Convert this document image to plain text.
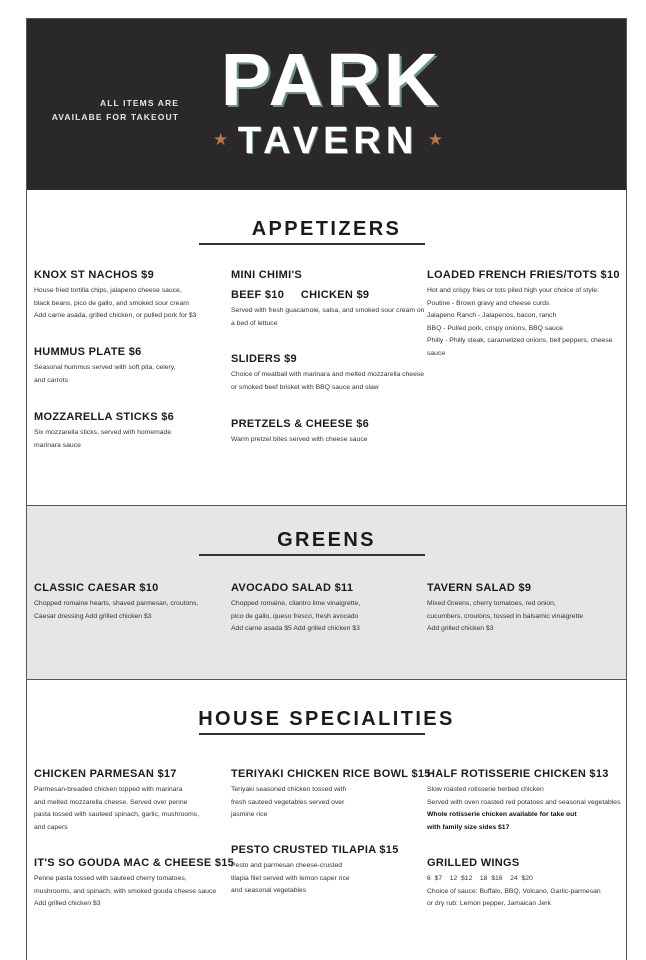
ALL ITEMS ARE
AVAILABE FOR TAKEOUT PARK
★ TAVERN ★
APPETIZERS
KNOX ST NACHOS $9
House fried tortilla chips, jalapeno cheese sauce,
black beans, pico de gallo, and smoked sour cream
Add carne asada, grilled chicken, or pulled pork for $3
HUMMUS PLATE $6
Seasonal hummus served with soft pita, celery,
and carrots
MOZZARELLA STICKS $6
Six mozzarella sticks, served with homemade
marinara sauce
MINI CHIMI'S
BEEF $10     CHICKEN $9
Served with fresh guacamole, salsa, and smoked sour cream on
a bed of lettuce
SLIDERS $9
Choice of meatball with marinara and melted mozzarella cheese
or smoked beef brisket with BBQ sauce and slaw
PRETZELS & CHEESE $6
Warm pretzel bites served with cheese sauce
LOADED FRENCH FRIES/TOTS $10
Hot and crispy fries or tots piled high your choice of style:
Poutine - Brown gravy and cheese curds
Jalapeno Ranch - Jalapenos, bacon, ranch
BBQ - Pulled pork, crispy onions, BBQ sauce
Philly - Philly steak, caramelized onions, bell peppers, cheese
sauce
GREENS
CLASSIC CAESAR $10
Chopped romaine hearts, shaved parmesan, croutons,
Caesar dressing Add grilled chicken $3
AVOCADO SALAD $11
Chopped romaine, cilantro lime vinaigrette,
pico de gallo, queso fresco, fresh avocado
Add carne asada $5 Add grilled chicken $3
TAVERN SALAD $9
Mixed Greens, cherry tomatoes, red onion,
cucumbers, croutons, tossed in balsamic vinaigrette
Add grilled chicken $3
HOUSE SPECIALITIES
CHICKEN PARMESAN $17
Parmesan-breaded chicken topped with marinara
and melted mozzarella cheese. Served over penne
pasta tossed with sauteed spinach, garlic, mushrooms,
and capers
IT'S SO GOUDA MAC & CHEESE $15
Penne pasta tossed with sauteed cherry tomatoes,
mushrooms, and spinach, with smoked gouda cheese sauce
Add grilled chicken $3
TERIYAKI CHICKEN RICE BOWL $15
Teriyaki seasoned chicken tossed with
fresh sauteed vegetables served over
jasmine rice
PESTO CRUSTED TILAPIA $15
Pesto and parmesan cheese-crusted
tilapia filet served with lemon caper rice
and seasonal vegetables
HALF ROTISSERIE CHICKEN $13
Slow roasted rotisserie herbed chicken
Served with oven roasted red potatoes and seasonal vegetables
Whole rotisserie chicken available for take out
with family size sides $17
GRILLED WINGS
6  $7    12  $12    18  $16    24  $20
Choice of sauce: Buffalo, BBQ, Volcano, Garlic-parmesan
or dry rub: Lemon pepper, Jamaican Jerk
